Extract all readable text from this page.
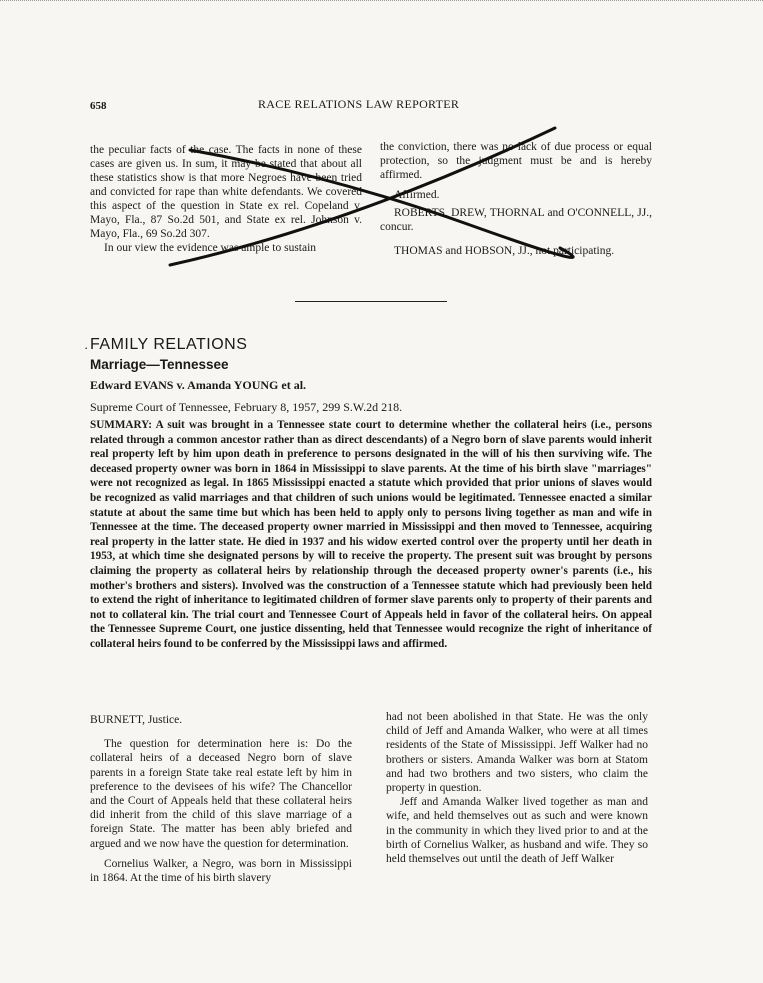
658	RACE RELATIONS LAW REPORTER

the peculiar facts of the case. The facts in none of these cases are given us. In sum, it may be stated that about all these statistics show is that more Negroes have been tried and convicted for rape than white defendants. We covered this aspect of the question in State ex rel. Copeland v. Mayo, Fla., 87 So.2d 501, and State ex rel. Johnson v. Mayo, Fla., 69 So.2d 307.

In our view the evidence was ample to sustain

the conviction, there was no lack of due process or equal protection, so the judgment must be and is hereby affirmed.

Affirmed.

ROBERTS, DREW, THORNAL and O'CONNELL, JJ., concur.

THOMAS and HOBSON, JJ., not participating.

· FAMILY RELATIONS
Marriage—Tennessee
Edward EVANS v. Amanda YOUNG et al.
Supreme Court of Tennessee, February 8, 1957, 299 S.W.2d 218.

SUMMARY: A suit was brought in a Tennessee state court to determine whether the collateral heirs (i.e., persons related through a common ancestor rather than as direct descendants) of a Negro born of slave parents would inherit real property left by him upon death in preference to persons designated in the will of his then surviving wife. The deceased property owner was born in 1864 in Mississippi to slave parents. At the time of his birth slave "marriages" were not recognized as legal. In 1865 Mississippi enacted a statute which provided that prior unions of slaves would be recognized as valid marriages and that children of such unions would be legitimated. Tennessee enacted a similar statute at about the same time but which has been held to apply only to persons living together as man and wife in Tennessee at the time. The deceased property owner married in Mississippi and then moved to Tennessee, acquiring real property in the latter state. He died in 1937 and his widow exerted control over the property until her death in 1953, at which time she designated persons by will to receive the property. The present suit was brought by persons claiming the property as collateral heirs by relationship through the deceased property owner's parents (i.e., his mother's brothers and sisters). Involved was the construction of a Tennessee statute which had previously been held to extend the right of inheritance to legitimated children of former slave parents only to property of their parents and not to collateral kin. The trial court and Tennessee Court of Appeals held in favor of the collateral heirs. On appeal the Tennessee Supreme Court, one justice dissenting, held that Tennessee would recognize the right of inheritance of collateral heirs found to be conferred by the Mississippi laws and affirmed.

BURNETT, Justice.

The question for determination here is: Do the collateral heirs of a deceased Negro born of slave parents in a foreign State take real estate left by him in preference to the devisees of his wife? The Chancellor and the Court of Appeals held that these collateral heirs did inherit from the child of this slave marriage of a foreign State. The matter has been ably briefed and argued and we now have the question for determination.

Cornelius Walker, a Negro, was born in Mississippi in 1864. At the time of his birth slavery

had not been abolished in that State. He was the only child of Jeff and Amanda Walker, who were at all times residents of the State of Mississippi. Jeff Walker had no brothers or sisters. Amanda Walker was born at Statom and had two brothers and two sisters, who claim the property in question.

Jeff and Amanda Walker lived together as man and wife, and held themselves out as such and were known in the community in which they lived prior to and at the birth of Cornelius Walker, as husband and wife. They so held themselves out until the death of Jeff Walker
